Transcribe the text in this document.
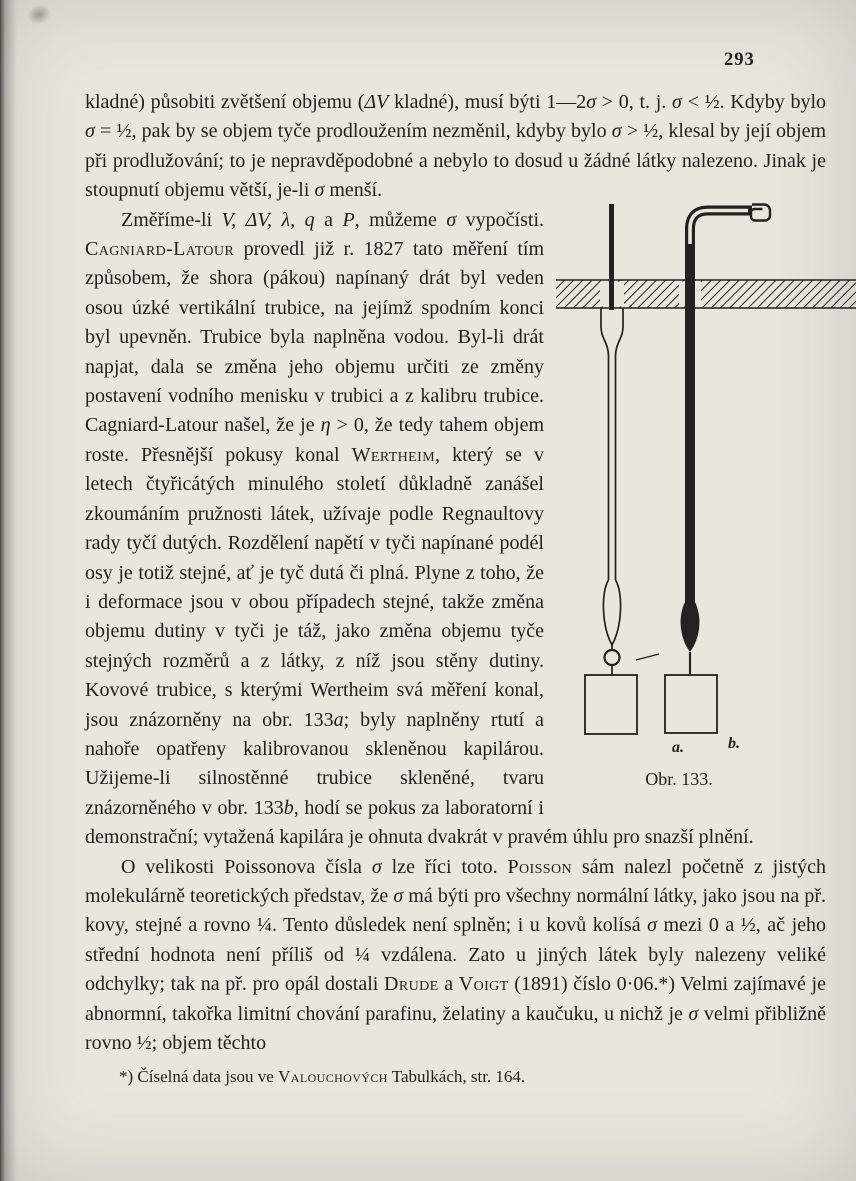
293

kladné) působiti zvětšení objemu (ΔV kladné), musí býti 1—2σ > 0, t. j. σ < ½. Kdyby bylo σ = ½, pak by se objem tyče prodloužením nezměnil, kdyby bylo σ > ½, klesal by její objem při prodlužování; to je nepravděpodobné a nebylo to dosud u žádné látky nalezeno. Jinak je stoupnutí objemu větší, je-li σ menší.

a.	b.
Obr. 133.
Změříme-li V, ΔV, λ, q a P, můžeme σ vypočísti. Cagniard-Latour provedl již r. 1827 tato měření tím způsobem, že shora (pákou) napínaný drát byl veden osou úzké vertikální trubice, na jejímž spodním konci byl upevněn. Trubice byla naplněna vodou. Byl-li drát napjat, dala se změna jeho objemu určiti ze změny postavení vodního menisku v trubici a z kalibru trubice. Cagniard-Latour našel, že je η > 0, že tedy tahem objem roste. Přesnější pokusy konal Wertheim, který se v letech čtyřicátých minulého století důkladně zanášel zkoumáním pružnosti látek, užívaje podle Regnaultovy rady tyčí dutých. Rozdělení napětí v tyči napínané podél osy je totiž stejné, ať je tyč dutá či plná. Plyne z toho, že i deformace jsou v obou případech stejné, takže změna objemu dutiny v tyči je táž, jako změna objemu tyče stejných rozměrů a z látky, z níž jsou stěny dutiny. Kovové trubice, s kterými Wertheim svá měření konal, jsou znázorněny na obr. 133a; byly naplněny rtutí a nahoře opatřeny kalibrovanou skleněnou kapilárou. Užijeme-li silnostěnné trubice skleněné, tvaru znázorněného v obr. 133b, hodí se pokus za laboratorní i demonstrační; vytažená kapilára je ohnuta dvakrát v pravém úhlu pro snazší plnění.

O velikosti Poissonova čísla σ lze říci toto. Poisson sám nalezl početně z jistých molekulárně teoretických představ, že σ má býti pro všechny normální látky, jako jsou na př. kovy, stejné a rovno ¼. Tento důsledek není splněn; i u kovů kolísá σ mezi 0 a ½, ač jeho střední hodnota není příliš od ¼ vzdálena. Zato u jiných látek byly nalezeny veliké odchylky; tak na př. pro opál dostali Drude a Voigt (1891) číslo 0·06.*) Velmi zajímavé je abnormní, takořka limitní chování parafinu, želatiny a kaučuku, u nichž je σ velmi přibližně rovno ½; objem těchto

*) Číselná data jsou ve Valouchových Tabulkách, str. 164.
